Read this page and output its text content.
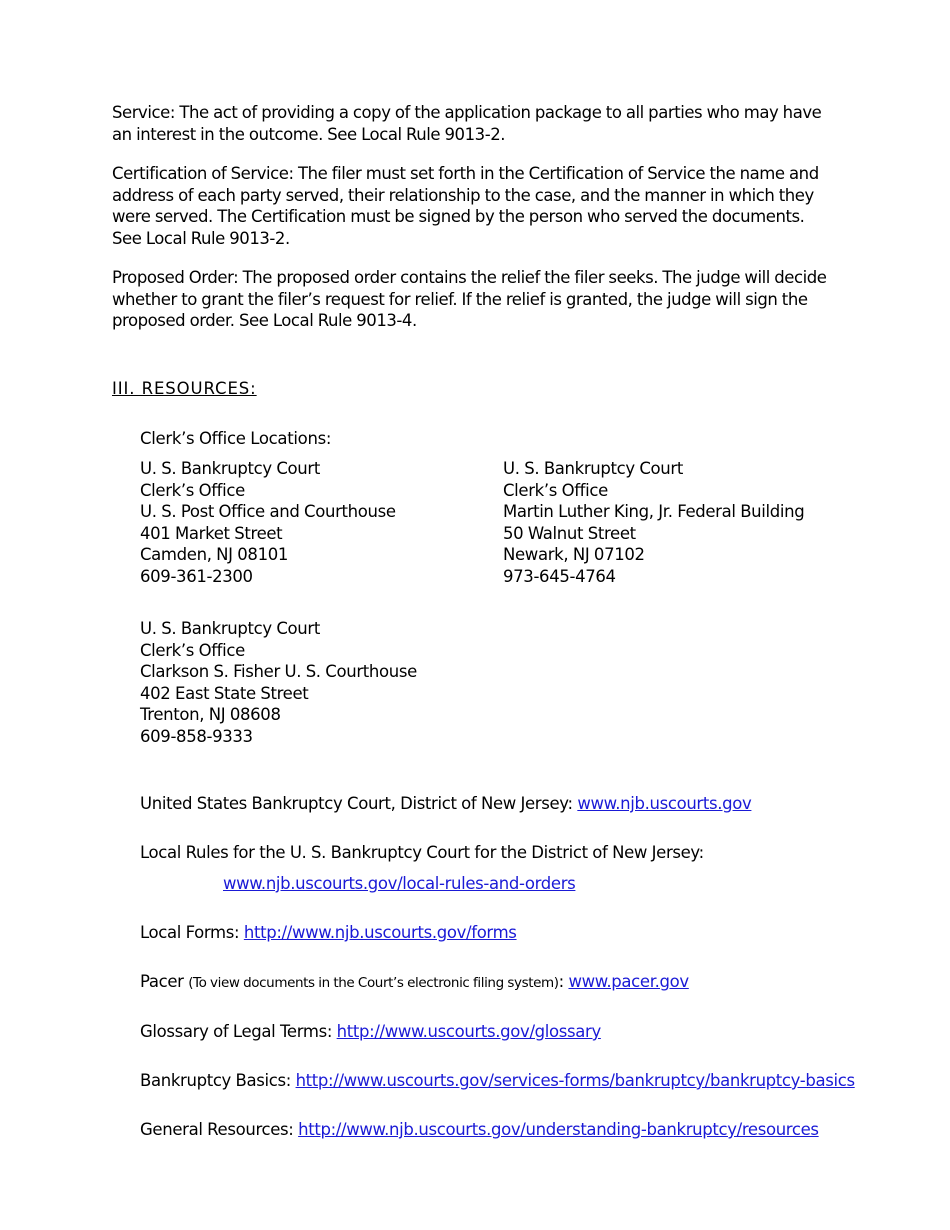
Service: The act of providing a copy of the application package to all parties who may have an interest in the outcome. See Local Rule 9013-2.

Certification of Service: The filer must set forth in the Certification of Service the name and address of each party served, their relationship to the case, and the manner in which they were served. The Certification must be signed by the person who served the documents. See Local Rule 9013-2.

Proposed Order: The proposed order contains the relief the filer seeks. The judge will decide whether to grant the filer’s request for relief. If the relief is granted, the judge will sign the proposed order. See Local Rule 9013-4.

III. RESOURCES:

Clerk’s Office Locations:

U. S. Bankruptcy Court
Clerk’s Office
U. S. Post Office and Courthouse
401 Market Street
Camden, NJ 08101
609-361-2300
U. S. Bankruptcy Court
Clerk’s Office
Martin Luther King, Jr. Federal Building
50 Walnut Street
Newark, NJ 07102
973-645-4764
U. S. Bankruptcy Court
Clerk’s Office
Clarkson S. Fisher U. S. Courthouse
402 East State Street
Trenton, NJ 08608
609-858-9333

United States Bankruptcy Court, District of New Jersey: www.njb.uscourts.gov

Local Rules for the U. S. Bankruptcy Court for the District of New Jersey:

www.njb.uscourts.gov/local-rules-and-orders

Local Forms: http://www.njb.uscourts.gov/forms

Pacer (To view documents in the Court’s electronic filing system): www.pacer.gov

Glossary of Legal Terms: http://www.uscourts.gov/glossary

Bankruptcy Basics: http://www.uscourts.gov/services-forms/bankruptcy/bankruptcy-basics

General Resources: http://www.njb.uscourts.gov/understanding-bankruptcy/resources
